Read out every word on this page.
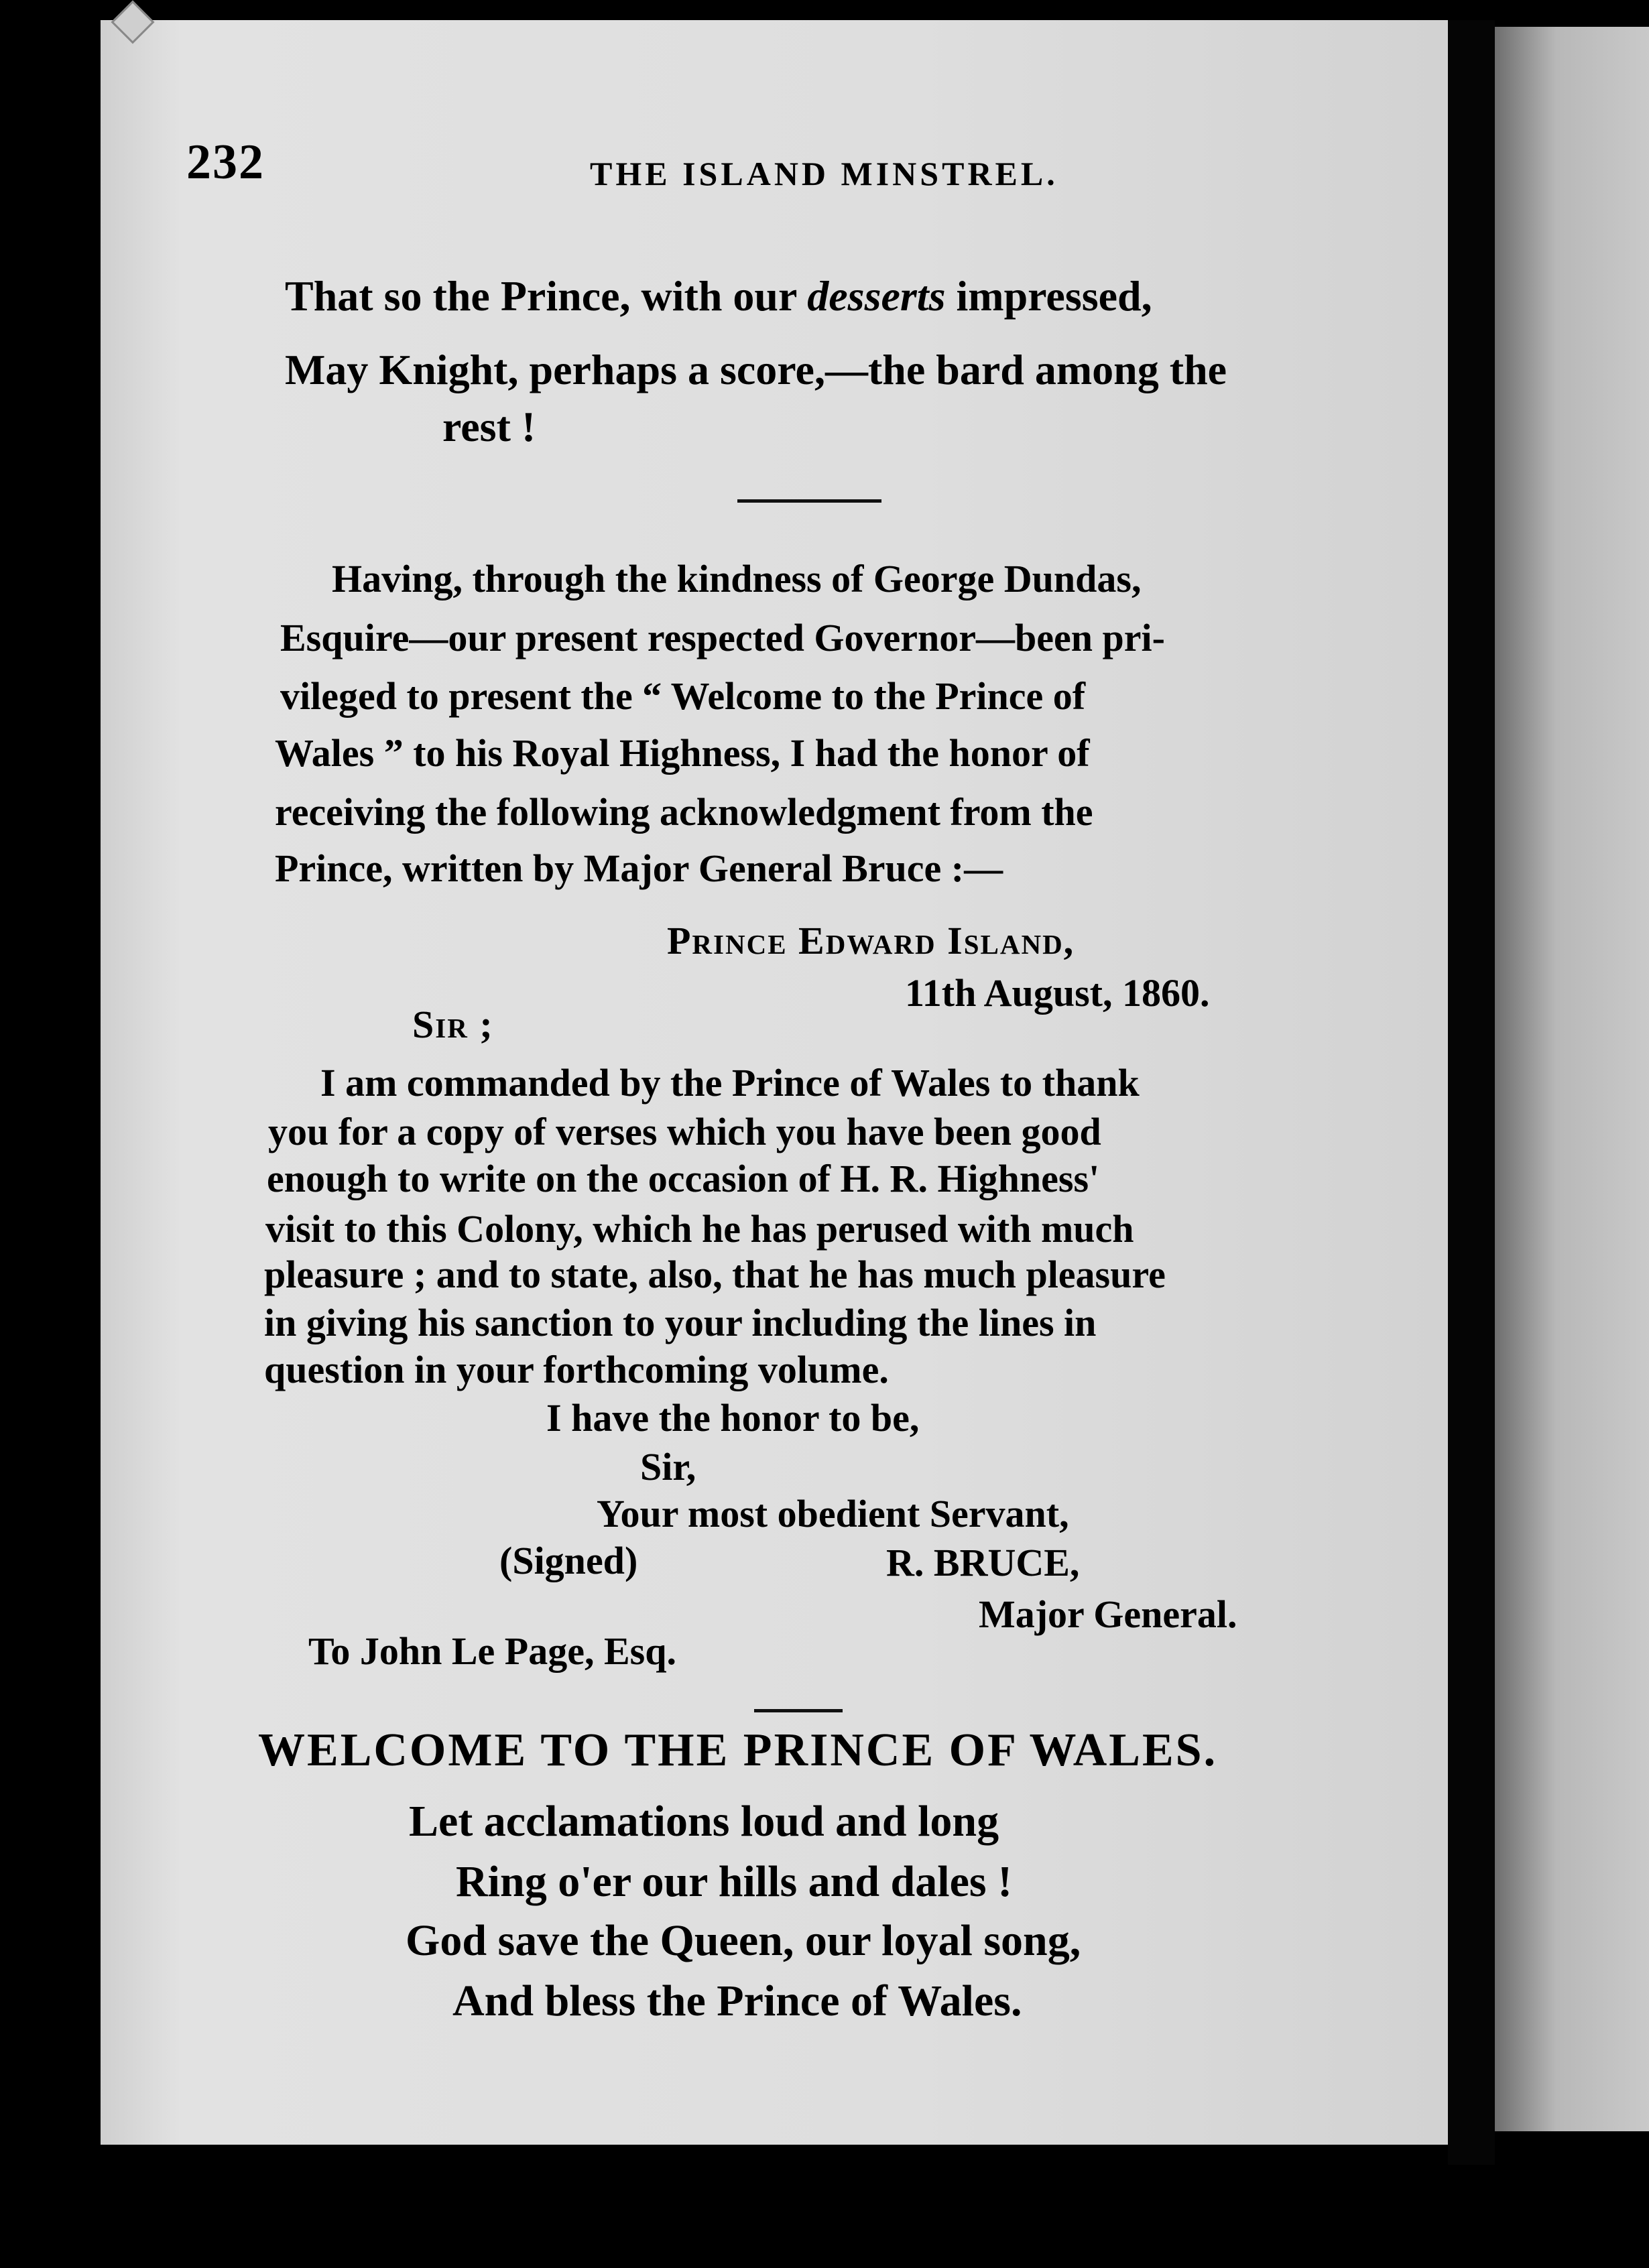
232	THE ISLAND MINSTREL.
That so the Prince, with our desserts impressed,
May Knight, perhaps a score,—the bard among the
rest !
Having, through the kindness of George Dundas,
Esquire—our present respected Governor—been pri-
vileged to present the “ Welcome to the Prince of
Wales ” to his Royal Highness, I had the honor of
receiving the following acknowledgment from the
Prince, written by Major General Bruce :—
Prince Edward Island,
11th August, 1860.
Sir ;
I am commanded by the Prince of Wales to thank
you for a copy of verses which you have been good
enough to write on the occasion of H. R. Highness'
visit to this Colony, which he has perused with much
pleasure ; and to state, also, that he has much pleasure
in giving his sanction to your including the lines in
question in your forthcoming volume.
I have the honor to be,
Sir,
Your most obedient Servant,
(Signed)	R. BRUCE,
Major General.
To John Le Page, Esq.
WELCOME TO THE PRINCE OF WALES.
Let acclamations loud and long
Ring o'er our hills and dales !
God save the Queen, our loyal song,
And bless the Prince of Wales.
